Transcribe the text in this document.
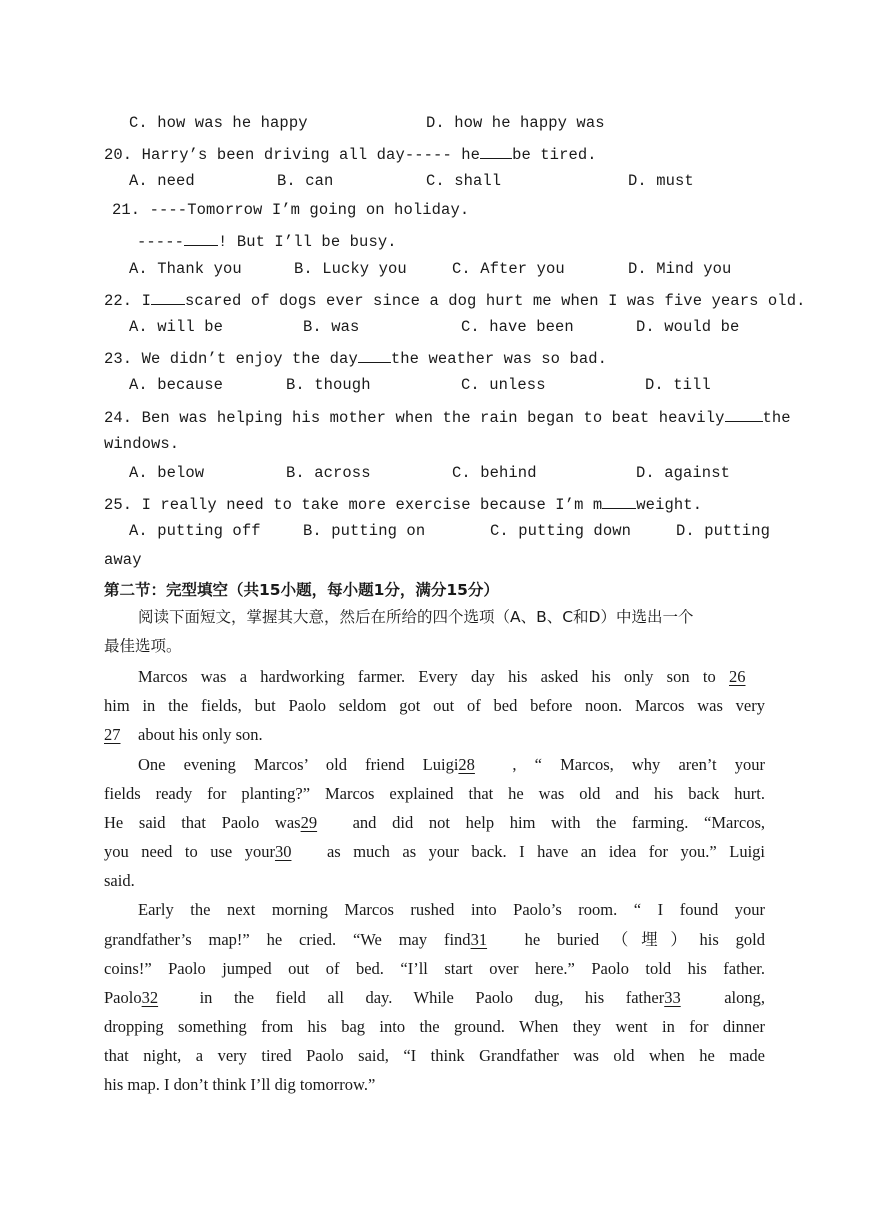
C. how was he happy	D. how he happy was
20. Harry’s been driving all day----- he be tired.
A. need	B. can	C. shall	D. must
21. ----Tomorrow I’m going on holiday.
----- ! But I’ll be busy.
A. Thank you	B. Lucky you	C. After you	D. Mind you
22. I scared of dogs ever since a dog hurt me when I was five years old.
A. will be	B. was	C. have been	D. would be
23. We didn’t enjoy the day the weather was so bad.
A. because	B. though	C. unless	D. till
24. Ben was helping his mother when the rain began to beat heavily the
windows.
A. below	B. across	C. behind	D. against
25. I really need to take more exercise because I’m m weight.
A. putting off	B. putting on	C. putting down	D. putting
away
第二节：完型填空（共15小题，每小题1分，满分15分）
阅读下面短文，掌握其大意，然后在所给的四个选项（A、B、C和D）中选出一个
最佳选项。
Marcos was a hardworking farmer. Every day his asked his only son to 26
him in the fields, but Paolo seldom got out of bed before noon. Marcos was very
27 about his only son.
One evening Marcos’ old friend Luigi28 , “ Marcos, why aren’t your
fields ready for planting?” Marcos explained that he was old and his back hurt.
He said that Paolo was29 and did not help him with the farming. “Marcos,
you need to use your30 as much as your back. I have an idea for you.” Luigi
said.
Early the next morning Marcos rushed into Paolo’s room. “ I found your
grandfather’s map!” he cried. “We may find31 he buried（埋）his gold
coins!” Paolo jumped out of bed. “I’ll start over here.” Paolo told his father.
Paolo32	in the field all day. While Paolo dug, his father33	along,
dropping something from his bag into the ground. When they went in for dinner
that night, a very tired Paolo said, “I think Grandfather was old when he made
his map. I don’t think I’ll dig tomorrow.”
